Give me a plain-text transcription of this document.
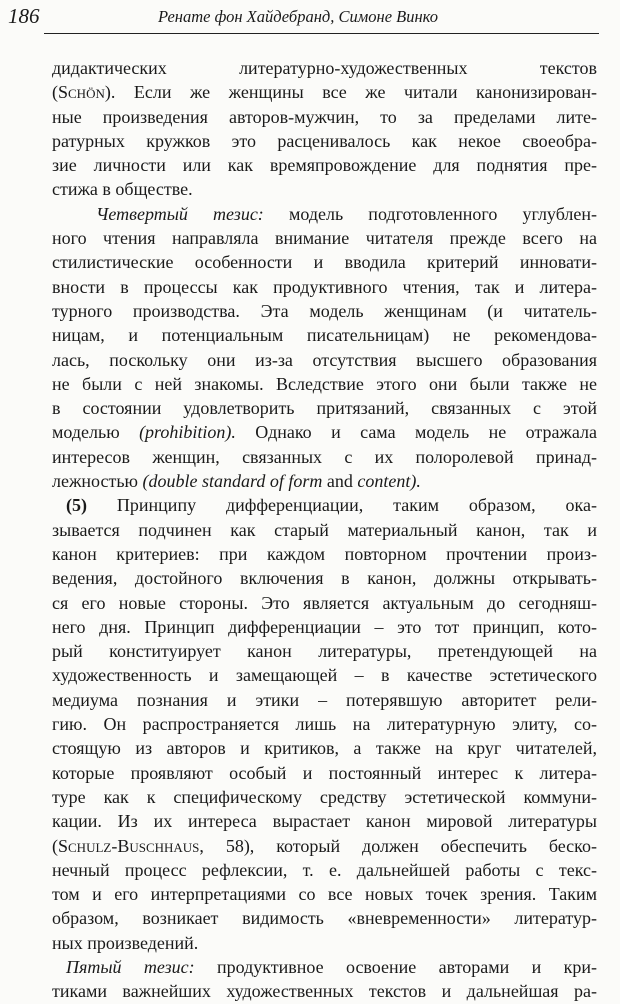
186	Ренате фон Хайдебранд, Симоне Винко
дидактических литературно-художественных текстов
(Schön). Если же женщины все же читали канонизирован-
ные произведения авторов-мужчин, то за пределами лите-
ратурных кружков это расценивалось как некое своеобра-
зие личности или как времяпровождение для поднятия пре-
стижа в обществе.
Четвертый тезис: модель подготовленного углублен-
ного чтения направляла внимание читателя прежде всего на
стилистические особенности и вводила критерий инновати-
вности в процессы как продуктивного чтения, так и литера-
турного производства. Эта модель женщинам (и читатель-
ницам, и потенциальным писательницам) не рекомендова-
лась, поскольку они из-за отсутствия высшего образования
не были с ней знакомы. Вследствие этого они были также не
в состоянии удовлетворить притязаний, связанных с этой
моделью (prohibition). Однако и сама модель не отражала
интересов женщин, связанных с их полоролевой принад-
лежностью (double standard of form and content).
(5) Принципу дифференциации, таким образом, ока-
зывается подчинен как старый материальный канон, так и
канон критериев: при каждом повторном прочтении произ-
ведения, достойного включения в канон, должны открывать-
ся его новые стороны. Это является актуальным до сегодняш-
него дня. Принцип дифференциации – это тот принцип, кото-
рый конституирует канон литературы, претендующей на
художественность и замещающей – в качестве эстетического
медиума познания и этики – потерявшую авторитет рели-
гию. Он распространяется лишь на литературную элиту, со-
стоящую из авторов и критиков, а также на круг читателей,
которые проявляют особый и постоянный интерес к литера-
туре как к специфическому средству эстетической коммуни-
кации. Из их интереса вырастает канон мировой литературы
(Schulz-Buschhaus, 58), который должен обеспечить беско-
нечный процесс рефлексии, т. е. дальнейшей работы с текс-
том и его интерпретациями со все новых точек зрения. Таким
образом, возникает видимость «вневременности» литератур-
ных произведений.
Пятый тезис: продуктивное освоение авторами и кри-
тиками важнейших художественных текстов и дальнейшая ра-
